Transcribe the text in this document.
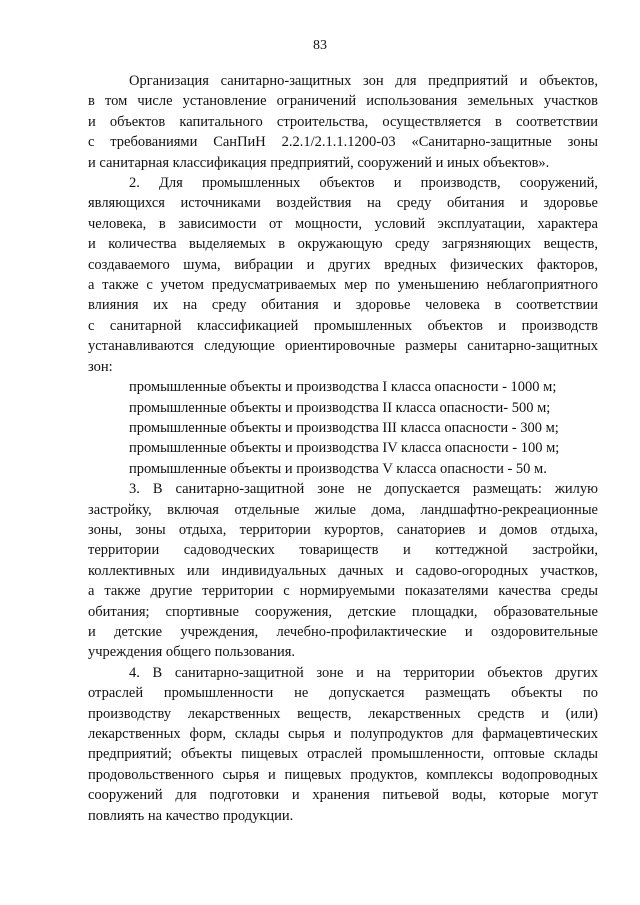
83
Организация санитарно-защитных зон для предприятий и объектов,
в том числе установление ограничений использования земельных участков
и объектов капитального строительства, осуществляется в соответствии
с требованиями СанПиН 2.2.1/2.1.1.1200-03 «Санитарно-защитные зоны
и санитарная классификация предприятий, сооружений и иных объектов».
2. Для промышленных объектов и производств, сооружений,
являющихся источниками воздействия на среду обитания и здоровье
человека, в зависимости от мощности, условий эксплуатации, характера
и количества выделяемых в окружающую среду загрязняющих веществ,
создаваемого шума, вибрации и других вредных физических факторов,
а также с учетом предусматриваемых мер по уменьшению неблагоприятного
влияния их на среду обитания и здоровье человека в соответствии
с санитарной классификацией промышленных объектов и производств
устанавливаются следующие ориентировочные размеры санитарно-защитных
зон:
промышленные объекты и производства I класса опасности - 1000 м;
промышленные объекты и производства II класса опасности- 500 м;
промышленные объекты и производства III класса опасности - 300 м;
промышленные объекты и производства IV класса опасности - 100 м;
промышленные объекты и производства V класса опасности - 50 м.
3. В санитарно-защитной зоне не допускается размещать: жилую
застройку, включая отдельные жилые дома, ландшафтно-рекреационные
зоны, зоны отдыха, территории курортов, санаториев и домов отдыха,
территории садоводческих товариществ и коттеджной застройки,
коллективных или индивидуальных дачных и садово-огородных участков,
а также другие территории с нормируемыми показателями качества среды
обитания; спортивные сооружения, детские площадки, образовательные
и детские учреждения, лечебно-профилактические и оздоровительные
учреждения общего пользования.
4. В санитарно-защитной зоне и на территории объектов других
отраслей промышленности не допускается размещать объекты по
производству лекарственных веществ, лекарственных средств и (или)
лекарственных форм, склады сырья и полупродуктов для фармацевтических
предприятий; объекты пищевых отраслей промышленности, оптовые склады
продовольственного сырья и пищевых продуктов, комплексы водопроводных
сооружений для подготовки и хранения питьевой воды, которые могут
повлиять на качество продукции.
